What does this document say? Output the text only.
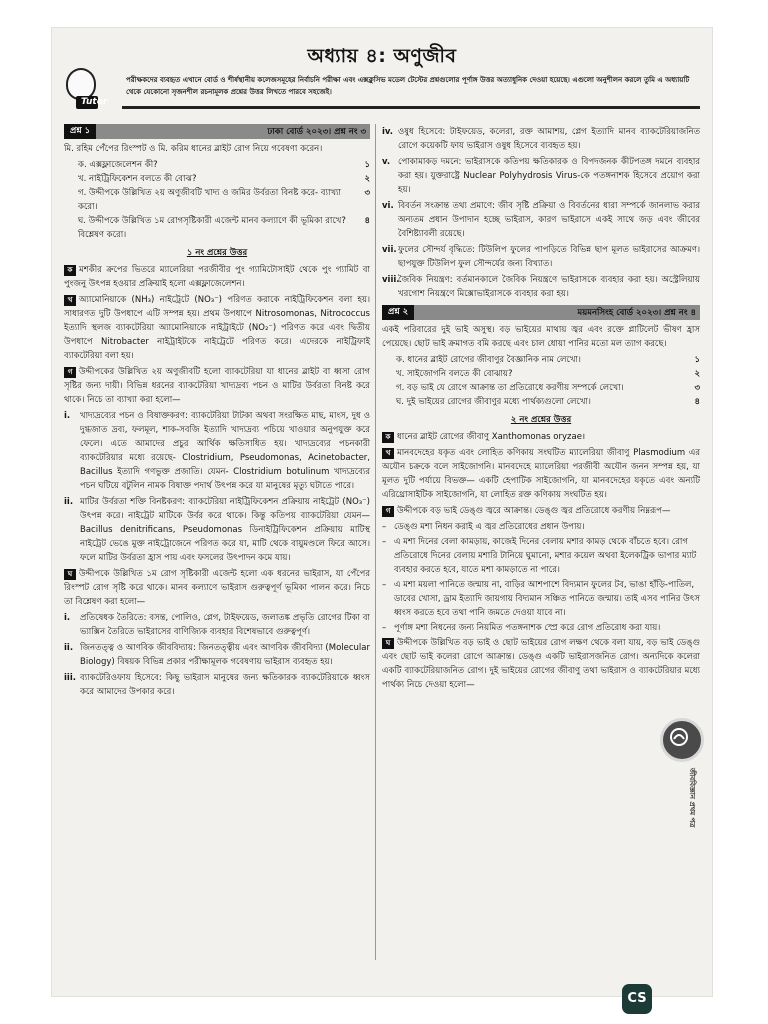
অধ্যায় ৪: অণুজীব
Tutor
পরীক্ষকদের ব্যবহৃত এখানে বোর্ড ও শীর্ষস্থানীয় কলেজসমূহের নির্বাচনি পরীক্ষা এবং এক্সক্লুসিভ মডেল টেস্টের প্রশ্নগুলোর পূর্ণাঙ্গ উত্তর অত্যাধুনিক দেওয়া হয়েছে। এগুলো অনুশীলন করলে তুমি এ অধ্যায়টি থেকে যেকোনো সৃজনশীল রচনামূলক প্রশ্নের উত্তর লিখতে পারবে সহজেই।
প্রশ্ন ১	ঢাকা বোর্ড ২০২৩। প্রশ্ন নং ৩

মি. রহিম পেঁপের রিংস্পট ও মি. করিম ধানের ব্লাইট রোগ নিয়ে গবেষণা করেন।

ক. এক্সফ্লাজেলেশন কী?	১
খ. নাইট্রিফিকেশন বলতে কী বোঝ?	২
গ. উদ্দীপকে উল্লিখিত ২য় অণুজীবটি খাদ্য ও জমির উর্বরতা বিনষ্ট করে- ব্যাখ্যা করো।
৩
ঘ. উদ্দীপকে উল্লিখিত ১ম রোগসৃষ্টিকারী এজেন্ট মানব কল্যাণে কী ভূমিকা রাখে? বিশ্লেষণ করো।
৪
১ নং প্রশ্নের উত্তর

ক মশকীর ক্রপের ভিতরে ম্যালেরিয়া পরজীবীর পুং গ্যামিটোসাইট থেকে পুং গ্যামিট বা পুংজনু উৎপন্ন হওয়ার প্রক্রিয়াই হলো এক্সফ্লাজেলেশন।

খ অ্যামোনিয়াকে (NH₃) নাইট্রেটে (NO₃⁻) পরিণত করাকে নাইট্রিফিকেশন বলা হয়। সাধারণত দুটি উপধাপে এটি সম্পন্ন হয়। প্রথম উপধাপে Nitrosomonas, Nitrococcus ইত্যাদি স্থলজ ব্যাকটেরিয়া অ্যামোনিয়াকে নাইট্রাইটে (NO₂⁻) পরিণত করে এবং দ্বিতীয় উপধাপে Nitrobacter নাইট্রাইটকে নাইট্রেটে পরিণত করে। এদেরকে নাইট্রিফাই ব্যাকটেরিয়া বলা হয়।

গ উদ্দীপকের উল্লিখিত ২য় অণুজীবটি হলো ব্যাকটেরিয়া যা ধানের ব্লাইট বা ধ্বসা রোগ সৃষ্টির জন্য দায়ী। বিভিন্ন ধরনের ব্যাকটেরিয়া খাদ্যদ্রব্য পচন ও মাটির উর্বরতা বিনষ্ট করে থাকে। নিচে তা ব্যাখ্যা করা হলো—

i.	খাদ্যদ্রব্যের পচন ও বিষাক্তকরণ: ব্যাকটেরিয়া টাটকা অথবা সংরক্ষিত মাছ, মাংস, দুধ ও দুগ্ধজাত দ্রব্য, ফলমূল, শাক-সবজি ইত্যাদি খাদ্যদ্রব্য পচিয়ে খাওয়ার অনুপযুক্ত করে ফেলে। এতে আমাদের প্রচুর আর্থিক ক্ষতিসাধিত হয়। খাদ্যদ্রব্যের পচনকারী ব্যাকটেরিয়ার মধ্যে রয়েছে- Clostridium, Pseudomonas, Acinetobacter, Bacillus ইত্যাদি গণভুক্ত প্রজাতি। যেমন- Clostridium botulinum খাদ্যদ্রব্যের পচন ঘটিয়ে বটুলিন নামক বিষাক্ত পদার্থ উৎপন্ন করে যা মানুষের মৃত্যু ঘটাতে পারে।
ii. মাটির উর্বরতা শক্তি বিনষ্টকরণ: ব্যাকটেরিয়া নাইট্রিফিকেশন প্রক্রিয়ায় নাইট্রেট (NO₃⁻) উৎপন্ন করে। নাইট্রেট মাটিকে উর্বর করে থাকে। কিন্তু কতিপয় ব্যাকটেরিয়া যেমন— Bacillus denitrificans, Pseudomonas ডিনাইট্রিফিকেশন প্রক্রিয়ায় মাটিস্থ নাইট্রেট ভেঙে মুক্ত নাইট্রোজেনে পরিণত করে যা, মাটি থেকে বায়ুমণ্ডলে ফিরে আসে। ফলে মাটির উর্বরতা হ্রাস পায় এবং ফসলের উৎপাদন কমে যায়।

ঘ উদ্দীপকে উল্লিখিত ১ম রোগ সৃষ্টিকারী এজেন্ট হলো এক ধরনের ভাইরাস, যা পেঁপের রিংস্পট রোগ সৃষ্টি করে থাকে। মানব কল্যাণে ভাইরাস গুরুত্বপূর্ণ ভূমিকা পালন করে। নিচে তা বিশ্লেষণ করা হলো—

i.	প্রতিষেধক তৈরিতে: বসন্ত, পোলিও, প্লেগ, টাইফয়েড, জলাতঙ্ক প্রভৃতি রোগের টিকা বা ভ্যাক্সিন তৈরিতে ভাইরাসের বাণিজ্যিক ব্যবহার বিশেষভাবে গুরুত্বপূর্ণ।
ii. জিনতত্ত্ব ও আণবিক জীববিদ্যায়: জিনতত্ত্বীয় এবং আণবিক জীববিদ্যা (Molecular Biology) বিষয়ক বিভিন্ন প্রকার পরীক্ষামূলক গবেষণায় ভাইরাস ব্যবহৃত হয়।
iii. ব্যাকটেরিওফায হিসেবে: কিছু ভাইরাস মানুষের জন্য ক্ষতিকারক ব্যাকটেরিয়াকে ধ্বংস করে আমাদের উপকার করে।
iv. ওষুধ হিসেবে: টাইফয়েড, কলেরা, রক্ত আমাশয়, প্লেগ ইত্যাদি মানব ব্যাকটেরিয়াজনিত রোগে কয়েকটি ফায ভাইরাস ওষুধ হিসেবে ব্যবহৃত হয়।
v. পোকামাকড় দমনে: ভাইরাসকে কতিপয় ক্ষতিকারক ও বিপদজনক কীটপতঙ্গ দমনে ব্যবহার করা হয়। যুক্তরাষ্ট্রে Nuclear Polyhydrosis Virus-কে পতঙ্গনাশক হিসেবে প্রয়োগ করা হয়।
vi. বিবর্তন সংক্রান্ত তথ্য প্রমাণে: জীব সৃষ্টি প্রক্রিয়া ও বিবর্তনের ধারা সম্পর্কে জানলাভ করার অন্যতম প্রধান উপাদান হচ্ছে ভাইরাস, কারণ ভাইরাসে একই সাথে জড় এবং জীবের বৈশিষ্ট্যাবলী রয়েছে।
vii. ফুলের সৌন্দর্য বৃদ্ধিতে: টিউলিপ ফুলের পাপড়িতে বিভিন্ন ছাপ মূলত ভাইরাসের আক্রমণ। ছাপযুক্ত টিউলিপ ফুল সৌন্দর্যের জন্য বিখ্যাত।
viii.
জৈবিক নিয়ন্ত্রণ: বর্তমানকালে জৈবিক নিয়ন্ত্রণে ভাইরাসকে ব্যবহার করা হয়। অস্ট্রেলিয়ায় খরগোশ নিয়ন্ত্রণে মিক্সোভাইরাসকে ব্যবহার করা হয়।
প্রশ্ন ২	ময়মনসিংহ বোর্ড ২০২৩। প্রশ্ন নং ৪

একই পরিবারের দুই ভাই অসুস্থ। বড় ভাইয়ের মাথায় জ্বর এবং রক্তে প্লাটিলেট ভীষণ হ্রাস পেয়েছে। ছোট ভাই ক্রমাগত বমি করছে এবং চাল ধোয়া পানির মতো মল ত্যাগ করছে।

ক. ধানের ব্লাইট রোগের জীবাণুর বৈজ্ঞানিক নাম লেখো।	১
খ. সাইজোগনি বলতে কী বোঝায়?	২
গ. বড় ভাই যে রোগে আক্রান্ত তা প্রতিরোধে করণীয় সম্পর্কে লেখো।	৩
ঘ. দুই ভাইয়ের রোগের জীবাণুর মধ্যে পার্থক্যগুলো লেখো।	৪
২ নং প্রশ্নের উত্তর

ক ধানের ব্লাইট রোগের জীবাণু Xanthomonas oryzae।

খ মানবদেহের যকৃত এবং লোহিত কণিকায় সংঘটিত ম্যালেরিয়া জীবাণু Plasmodium এর অযৌন চক্রকে বলে সাইজোগনি। মানবদেহে ম্যালেরিয়া পরজীবী অযৌন জনন সম্পন্ন হয়, যা মূলত দুটি পর্যায়ে বিভক্ত— একটি হেপাটিক সাইজোগনি, যা মানবদেহের যকৃতে এবং অন্যটি এরিথ্রোসাইটিক সাইজোগনি, যা লোহিত রক্ত কণিকায় সংঘটিত হয়।

গ উদ্দীপকে বড় ভাই ডেঙ্গু জ্বরে আক্রান্ত। ডেঙ্গু জ্বর প্রতিরোধে করণীয় নিম্নরূপ—

– ডেঙ্গু মশা নিধন করাই এ জ্বর প্রতিরোধের প্রধান উপায়।
– এ মশা দিনের বেলা কামড়ায়, কাজেই দিনের বেলায় মশার কামড় থেকে বাঁচতে হবে। রোগ প্রতিরোধে দিনের বেলায় মশারি টানিয়ে ঘুমানো, মশার কয়েল অথবা ইলেকট্রিক ভাপার ম্যাট ব্যবহার করতে হবে, যাতে মশা কামড়াতে না পারে।
– এ মশা ময়লা পানিতে জন্মায় না, বাড়ির আশপাশে বিদ্যমান ফুলের টব, ভাঙা হাঁড়ি-পাতিল, ডাবের খোসা, ড্রাম ইত্যাদি জায়গায় বিদ্যমান সঞ্চিত পানিতে জন্মায়। তাই এসব পানির উৎস ধ্বংস করতে হবে তথা পানি জমতে দেওয়া যাবে না।
– পূর্ণাঙ্গ মশা নিধনের জন্য নিয়মিত পতঙ্গনাশক স্প্রে করে রোগ প্রতিরোধ করা যায়।

ঘ উদ্দীপকে উল্লিখিত বড় ভাই ও ছোট ভাইয়ের রোগ লক্ষণ থেকে বলা যায়, বড় ভাই ডেঙ্গু এবং ছোট ভাই কলেরা রোগে আক্রান্ত। ডেঙ্গু একটি ভাইরাসজনিত রোগ। অন্যদিকে কলেরা একটি ব্যাকটেরিয়াজনিত রোগ। দুই ভাইয়ের রোগের জীবাণু তথা ভাইরাস ও ব্যাকটেরিয়ার মধ্যে পার্থক্য নিচে দেওয়া হলো—

জীববিজ্ঞান প্রথম পত্র
CS
